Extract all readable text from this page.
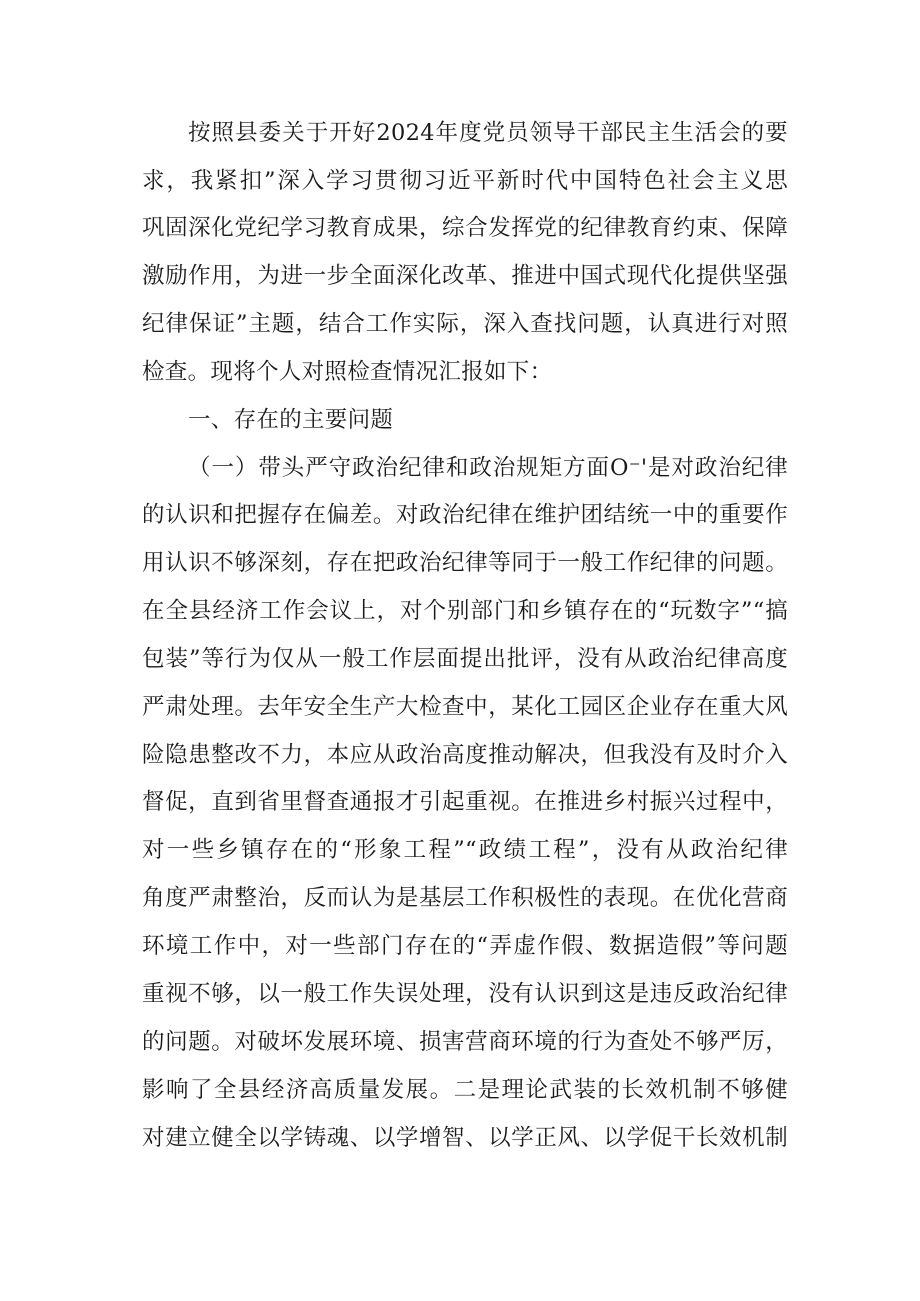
按照县委关于开好2024年度党员领导干部民主生活会的要
求，我紧扣”深入学习贯彻习近平新时代中国特色社会主义思
巩固深化党纪学习教育成果，综合发挥党的纪律教育约束、保障
激励作用，为进一步全面深化改革、推进中国式现代化提供坚强
纪律保证”主题，结合工作实际，深入查找问题，认真进行对照
检查。现将个人对照检查情况汇报如下：
一、存在的主要问题
（一）带头严守政治纪律和政治规矩方面O⁻'是对政治纪律
的认识和把握存在偏差。对政治纪律在维护团结统一中的重要作
用认识不够深刻，存在把政治纪律等同于一般工作纪律的问题。
在全县经济工作会议上，对个别部门和乡镇存在的“玩数字”“搞
包装”等行为仅从一般工作层面提出批评，没有从政治纪律高度
严肃处理。去年安全生产大检查中，某化工园区企业存在重大风
险隐患整改不力，本应从政治高度推动解决，但我没有及时介入
督促，直到省里督查通报才引起重视。在推进乡村振兴过程中，
对一些乡镇存在的“形象工程”“政绩工程”，没有从政治纪律
角度严肃整治，反而认为是基层工作积极性的表现。在优化营商
环境工作中，对一些部门存在的“弄虚作假、数据造假”等问题
重视不够，以一般工作失误处理，没有认识到这是违反政治纪律
的问题。对破坏发展环境、损害营商环境的行为查处不够严厉，
影响了全县经济高质量发展。二是理论武装的长效机制不够健
对建立健全以学铸魂、以学增智、以学正风、以学促干长效机制
